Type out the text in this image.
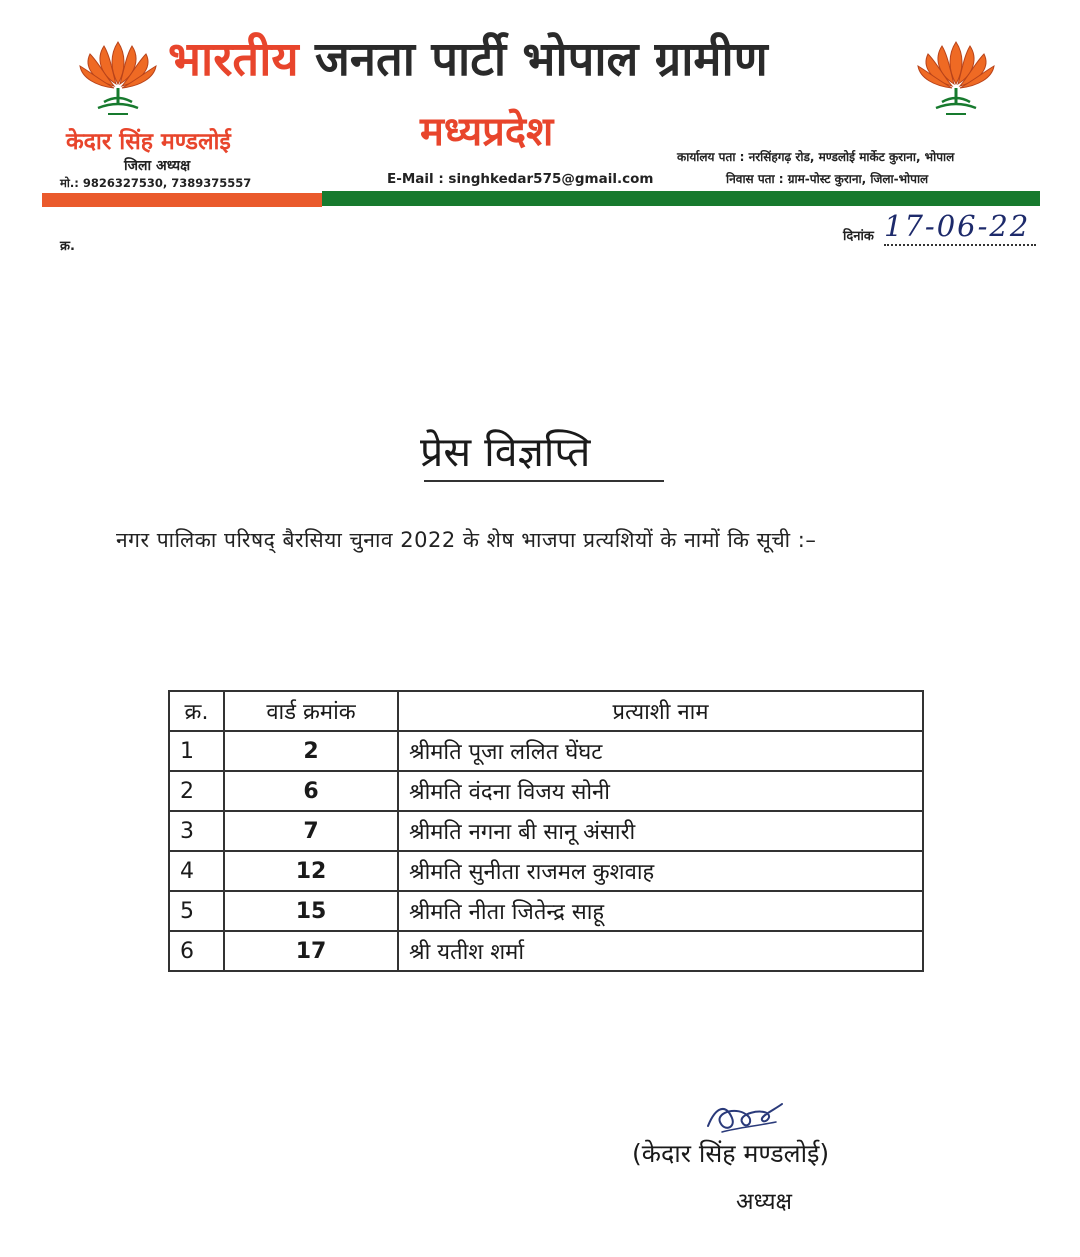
भारतीय जनता पार्टी भोपाल ग्रामीण
मध्यप्रदेश
केदार सिंह मण्डलोई
जिला अध्यक्ष
मो.: 9826327530, 7389375557	E-Mail : singhkedar575@gmail.com
कार्यालय पता : नरसिंहगढ़ रोड, मण्डलोई मार्केट कुराना, भोपाल
निवास पता : ग्राम-पोस्ट कुराना, जिला-भोपाल
क्र.
दिनांक 17-06-22
प्रेस विज्ञप्ति
नगर पालिका परिषद् बैरसिया चुनाव 2022 के शेष भाजपा प्रत्यशियों के नामों कि सूची :–
क्र.	वार्ड क्रमांक	प्रत्याशी नाम
1	2	श्रीमति पूजा ललित घेंघट
2	6	श्रीमति वंदना विजय सोनी
3	7	श्रीमति नगना बी सानू अंसारी
4	12	श्रीमति सुनीता राजमल कुशवाह
5	15	श्रीमति नीता जितेन्द्र साहू
6	17	श्री यतीश शर्मा
(केदार सिंह मण्डलोई)
अध्यक्ष
